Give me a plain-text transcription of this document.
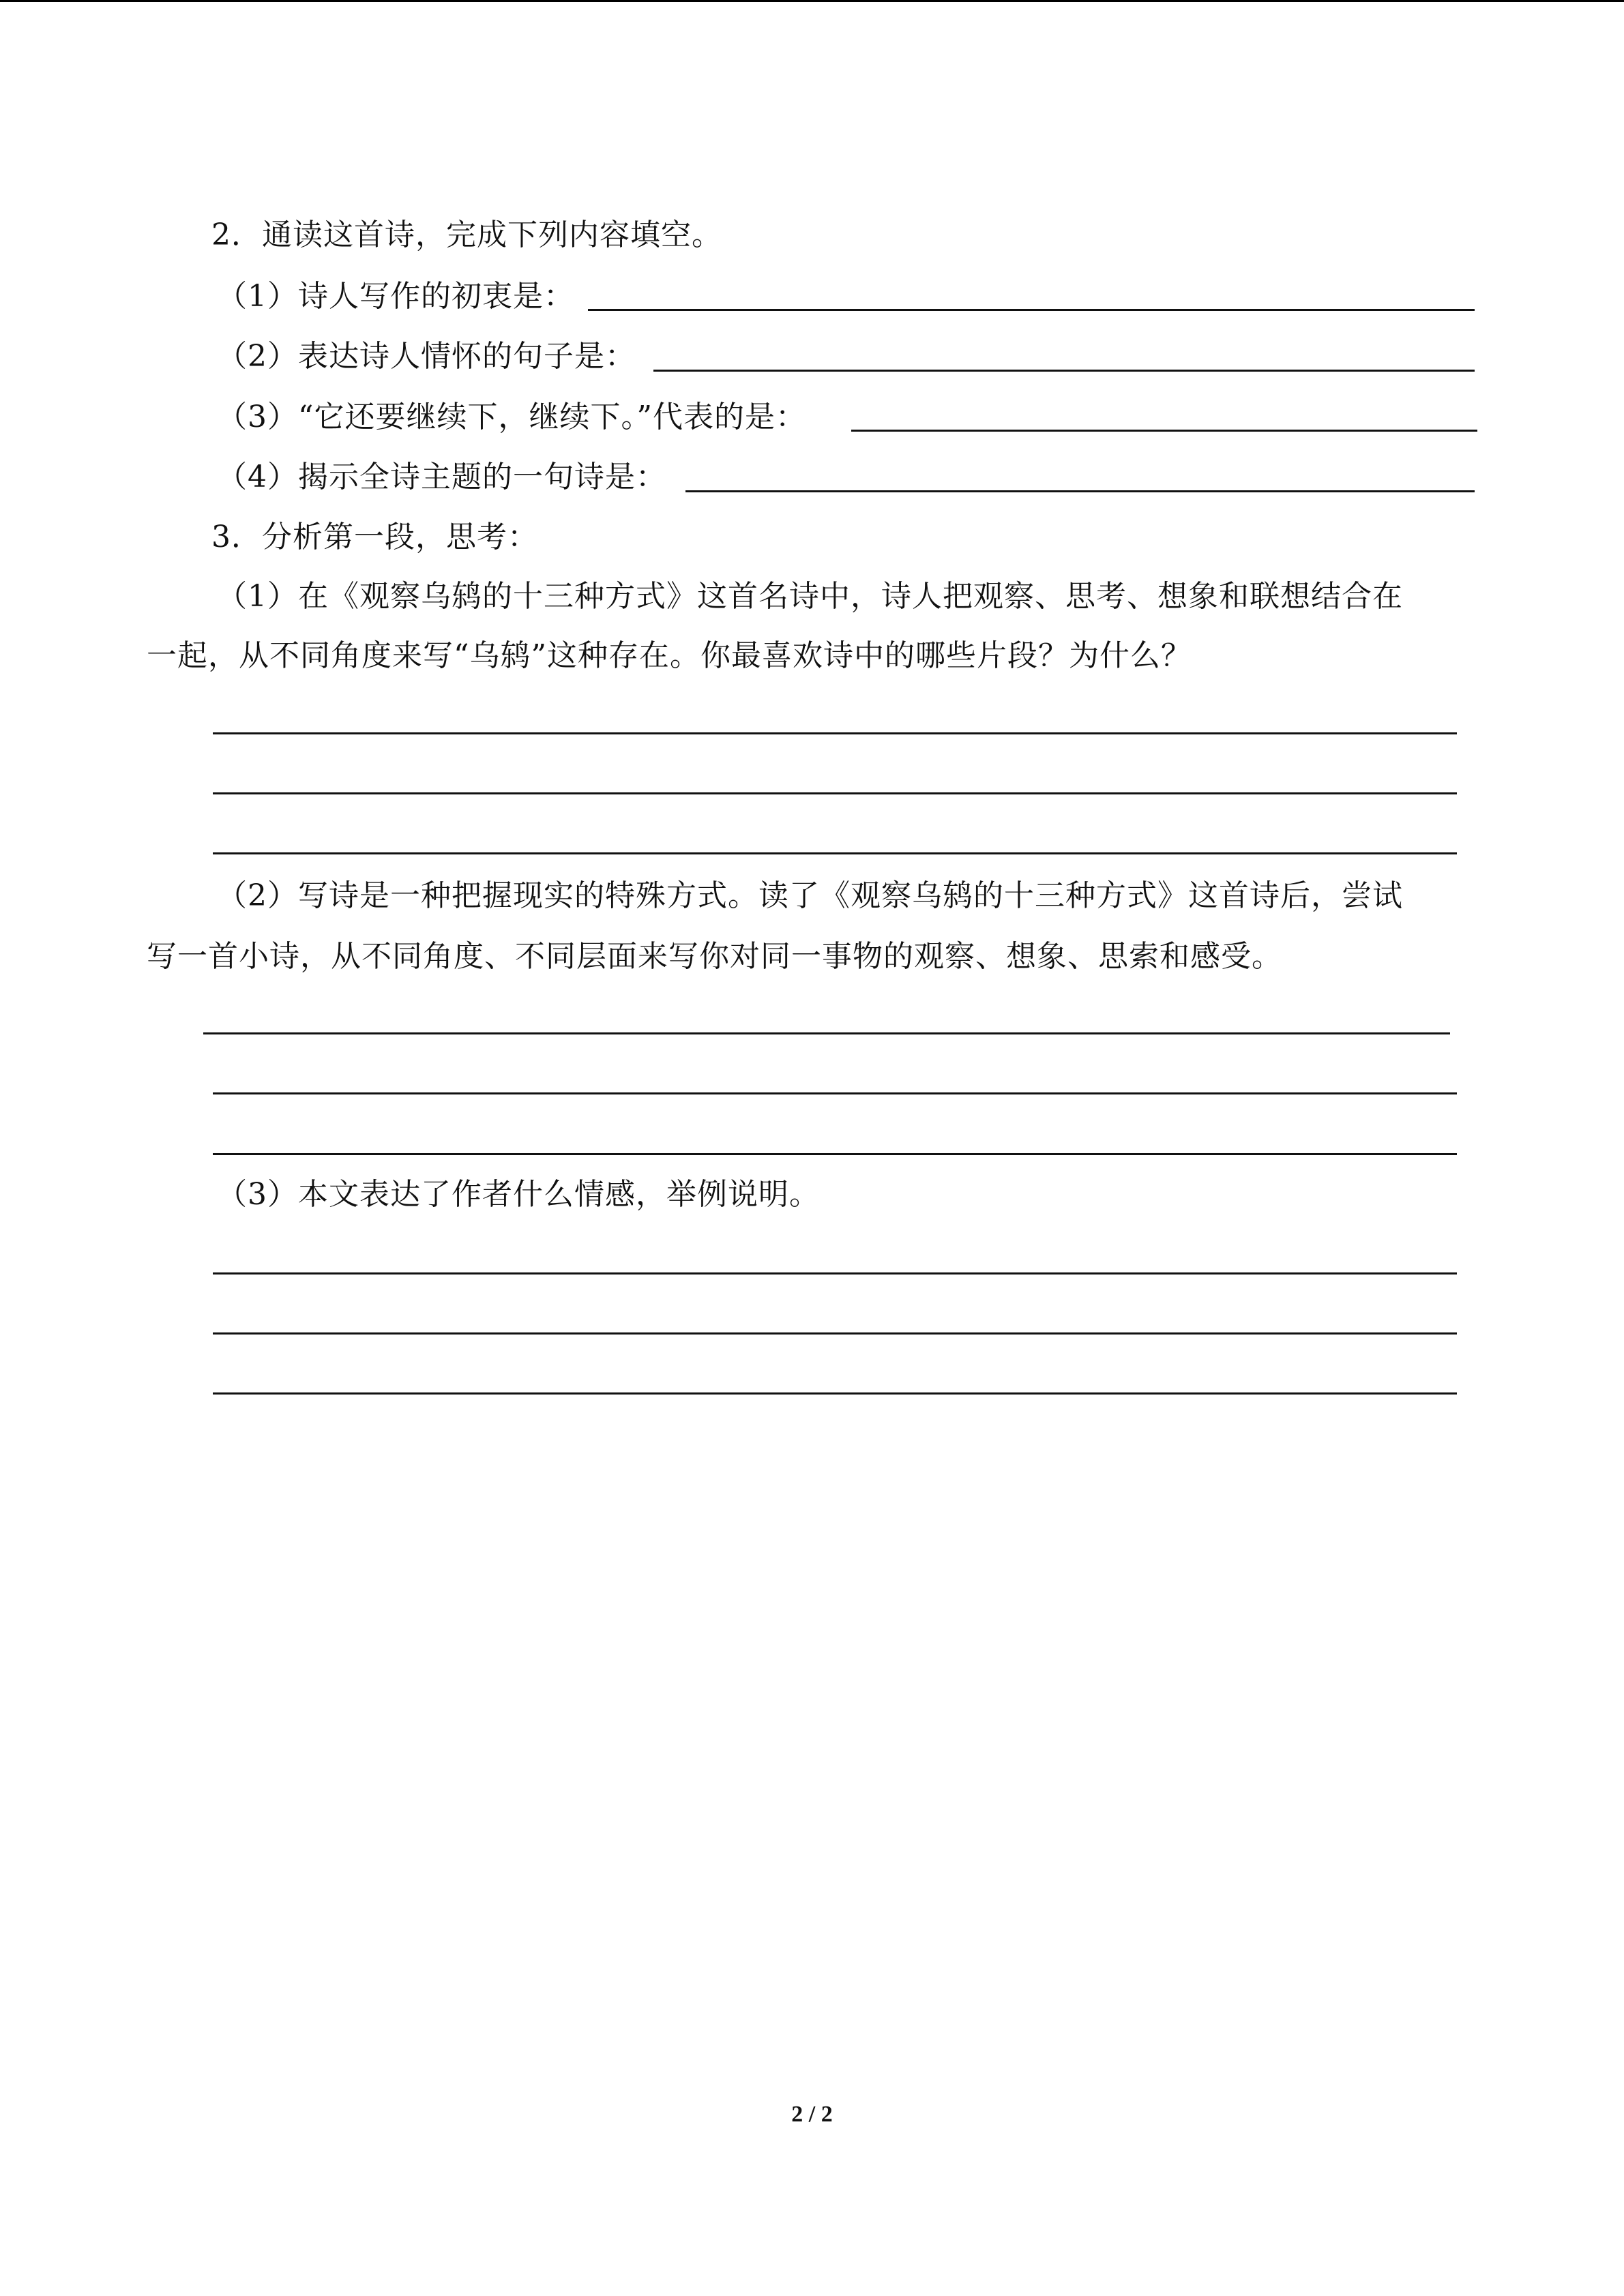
2．通读这首诗，完成下列内容填空。
（1）诗人写作的初衷是：
（2）表达诗人情怀的句子是：
（3）“它还要继续下，继续下。”代表的是：
（4）揭示全诗主题的一句诗是：
3．分析第一段，思考：
（1）在《观察乌鸫的十三种方式》这首名诗中，诗人把观察、思考、想象和联想结合在
一起，从不同角度来写“乌鸫”这种存在。你最喜欢诗中的哪些片段？为什么？
（2）写诗是一种把握现实的特殊方式。读了《观察乌鸫的十三种方式》这首诗后，尝试
写一首小诗，从不同角度、不同层面来写你对同一事物的观察、想象、思索和感受。
（3）本文表达了作者什么情感，举例说明。
2 / 2
